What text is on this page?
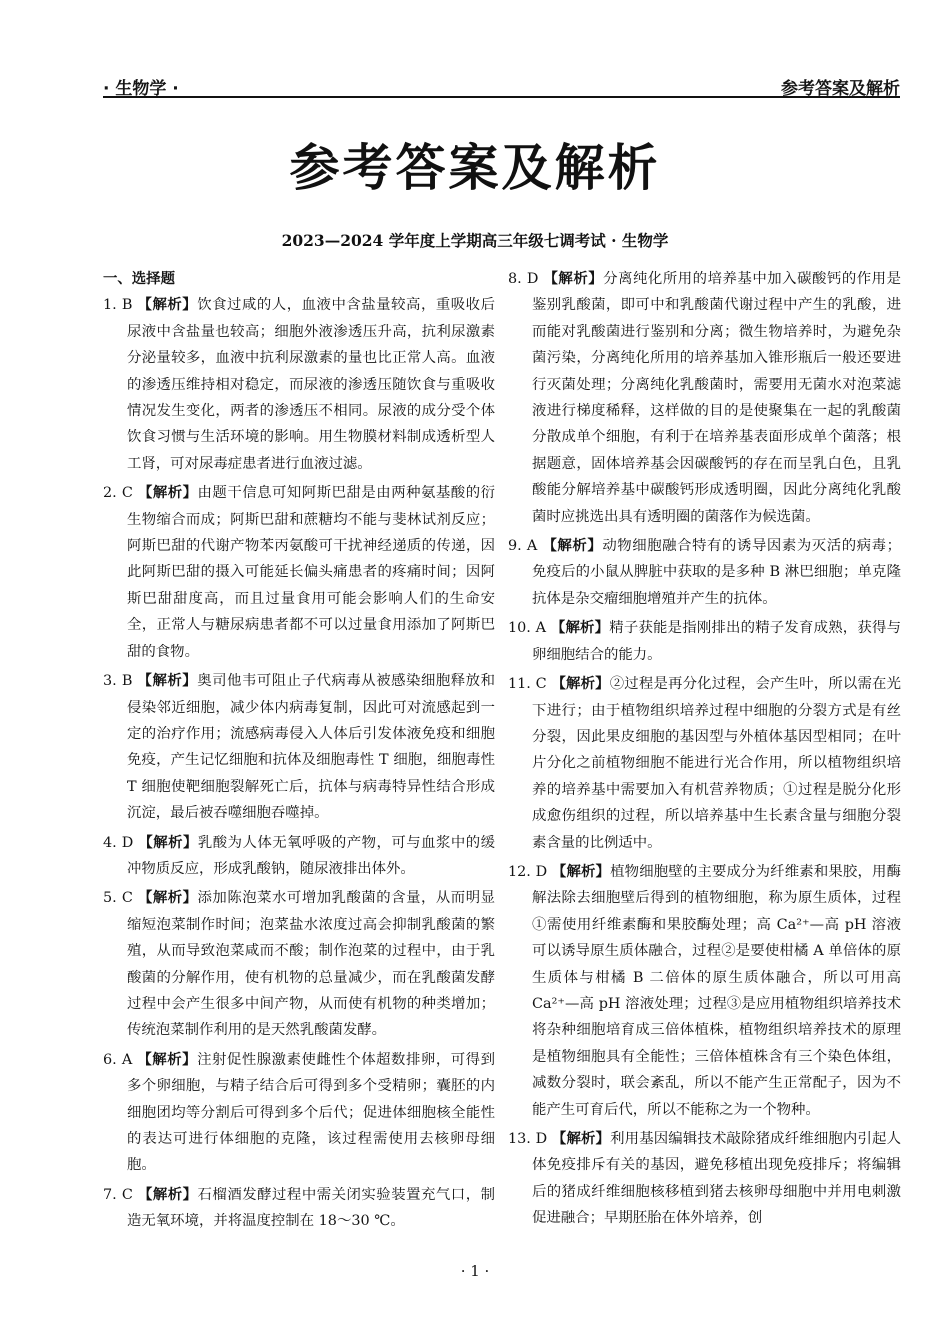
· 生物学 ·	参考答案及解析
参考答案及解析
2023—2024 学年度上学期高三年级七调考试 · 生物学
一、选择题
1. B 【解析】饮食过咸的人，血液中含盐量较高，重吸收后尿液中含盐量也较高；细胞外液渗透压升高，抗利尿激素分泌量较多，血液中抗利尿激素的量也比正常人高。血液的渗透压维持相对稳定，而尿液的渗透压随饮食与重吸收情况发生变化，两者的渗透压不相同。尿液的成分受个体饮食习惯与生活环境的影响。用生物膜材料制成透析型人工肾，可对尿毒症患者进行血液过滤。
2. C 【解析】由题干信息可知阿斯巴甜是由两种氨基酸的衍生物缩合而成；阿斯巴甜和蔗糖均不能与斐林试剂反应；阿斯巴甜的代谢产物苯丙氨酸可干扰神经递质的传递，因此阿斯巴甜的摄入可能延长偏头痛患者的疼痛时间；因阿斯巴甜甜度高，而且过量食用可能会影响人们的生命安全，正常人与糖尿病患者都不可以过量食用添加了阿斯巴甜的食物。
3. B 【解析】奥司他韦可阻止子代病毒从被感染细胞释放和侵染邻近细胞，减少体内病毒复制，因此可对流感起到一定的治疗作用；流感病毒侵入人体后引发体液免疫和细胞免疫，产生记忆细胞和抗体及细胞毒性 T 细胞，细胞毒性 T 细胞使靶细胞裂解死亡后，抗体与病毒特异性结合形成沉淀，最后被吞噬细胞吞噬掉。
4. D 【解析】乳酸为人体无氧呼吸的产物，可与血浆中的缓冲物质反应，形成乳酸钠，随尿液排出体外。
5. C 【解析】添加陈泡菜水可增加乳酸菌的含量，从而明显缩短泡菜制作时间；泡菜盐水浓度过高会抑制乳酸菌的繁殖，从而导致泡菜咸而不酸；制作泡菜的过程中，由于乳酸菌的分解作用，使有机物的总量减少，而在乳酸菌发酵过程中会产生很多中间产物，从而使有机物的种类增加；传统泡菜制作利用的是天然乳酸菌发酵。
6. A 【解析】注射促性腺激素使雌性个体超数排卵，可得到多个卵细胞，与精子结合后可得到多个受精卵；囊胚的内细胞团均等分割后可得到多个后代；促进体细胞核全能性的表达可进行体细胞的克隆，该过程需使用去核卵母细胞。
7. C 【解析】石榴酒发酵过程中需关闭实验装置充气口，制造无氧环境，并将温度控制在 18～30 ℃。
8. D 【解析】分离纯化所用的培养基中加入碳酸钙的作用是鉴别乳酸菌，即可中和乳酸菌代谢过程中产生的乳酸，进而能对乳酸菌进行鉴别和分离；微生物培养时，为避免杂菌污染，分离纯化所用的培养基加入锥形瓶后一般还要进行灭菌处理；分离纯化乳酸菌时，需要用无菌水对泡菜滤液进行梯度稀释，这样做的目的是使聚集在一起的乳酸菌分散成单个细胞，有利于在培养基表面形成单个菌落；根据题意，固体培养基会因碳酸钙的存在而呈乳白色，且乳酸能分解培养基中碳酸钙形成透明圈，因此分离纯化乳酸菌时应挑选出具有透明圈的菌落作为候选菌。
9. A 【解析】动物细胞融合特有的诱导因素为灭活的病毒；免疫后的小鼠从脾脏中获取的是多种 B 淋巴细胞；单克隆抗体是杂交瘤细胞增殖并产生的抗体。
10. A 【解析】精子获能是指刚排出的精子发育成熟，获得与卵细胞结合的能力。
11. C 【解析】②过程是再分化过程，会产生叶，所以需在光下进行；由于植物组织培养过程中细胞的分裂方式是有丝分裂，因此果皮细胞的基因型与外植体基因型相同；在叶片分化之前植物细胞不能进行光合作用，所以植物组织培养的培养基中需要加入有机营养物质；①过程是脱分化形成愈伤组织的过程，所以培养基中生长素含量与细胞分裂素含量的比例适中。
12. D 【解析】植物细胞壁的主要成分为纤维素和果胶，用酶解法除去细胞壁后得到的植物细胞，称为原生质体，过程①需使用纤维素酶和果胶酶处理；高 Ca²⁺—高 pH 溶液可以诱导原生质体融合，过程②是要使柑橘 A 单倍体的原生质体与柑橘 B 二倍体的原生质体融合，所以可用高 Ca²⁺—高 pH 溶液处理；过程③是应用植物组织培养技术将杂种细胞培育成三倍体植株，植物组织培养技术的原理是植物细胞具有全能性；三倍体植株含有三个染色体组，减数分裂时，联会紊乱，所以不能产生正常配子，因为不能产生可育后代，所以不能称之为一个物种。
13. D 【解析】利用基因编辑技术敲除猪成纤维细胞内引起人体免疫排斥有关的基因，避免移植出现免疫排斥；将编辑后的猪成纤维细胞核移植到猪去核卵母细胞中并用电刺激促进融合；早期胚胎在体外培养，创
· 1 ·
